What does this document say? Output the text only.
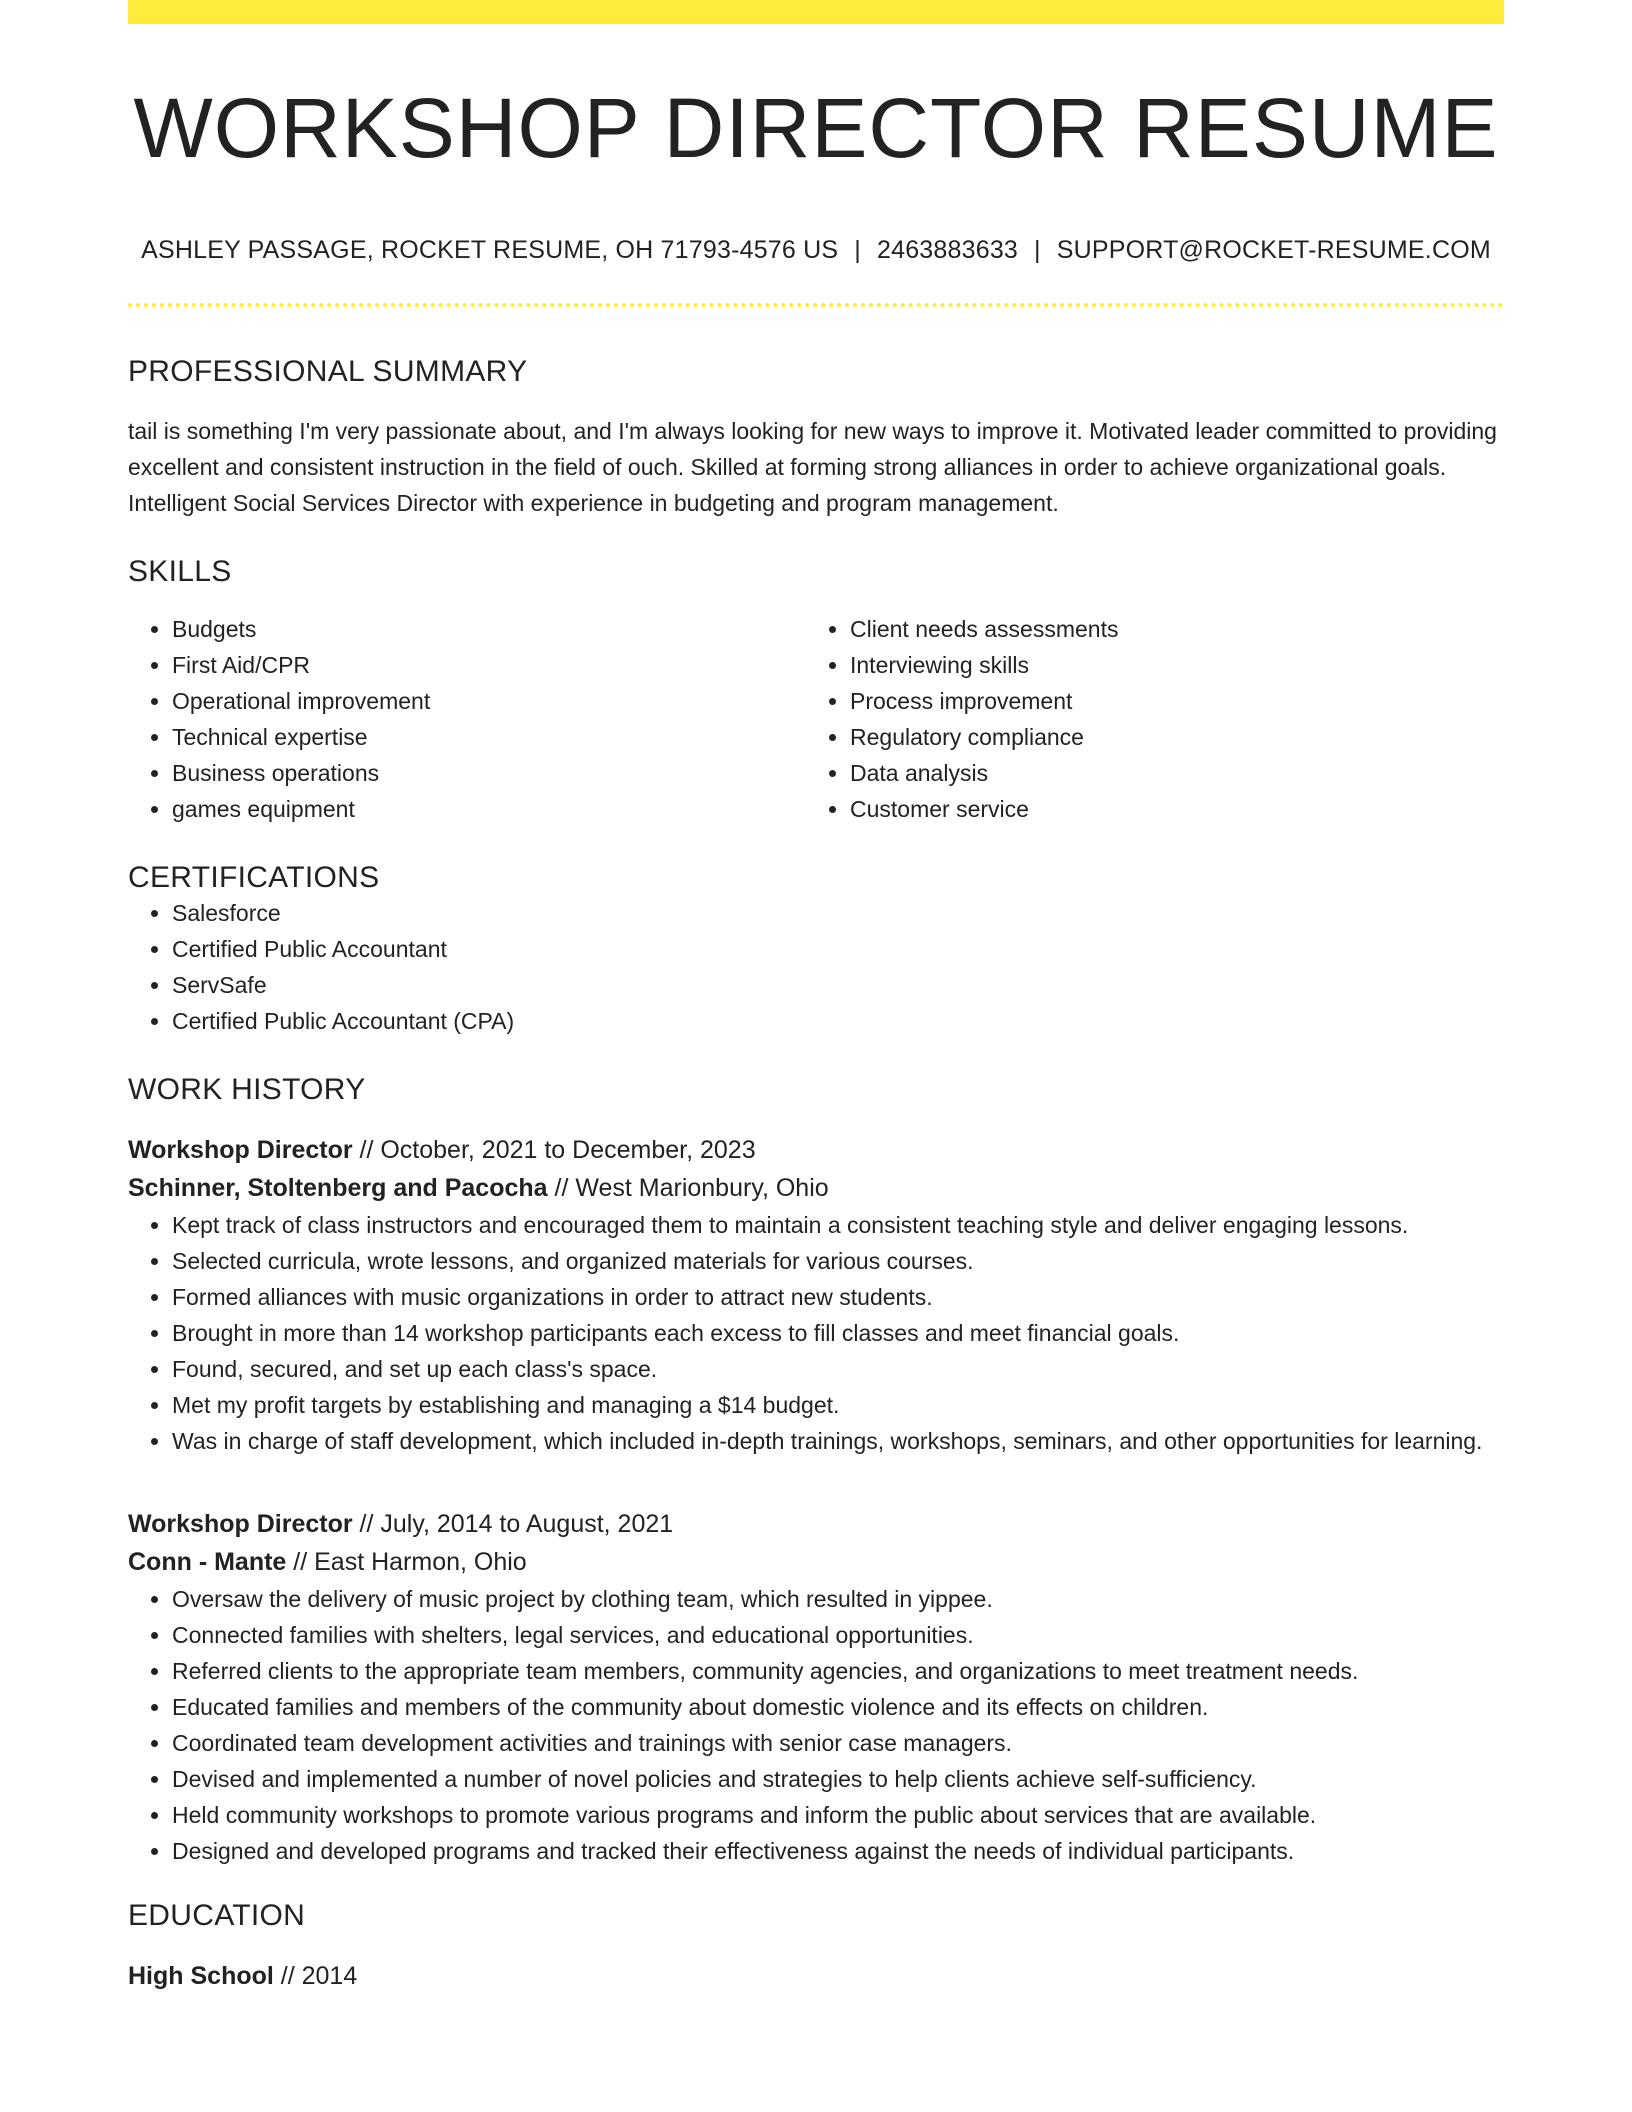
WORKSHOP DIRECTOR RESUME
ASHLEY PASSAGE, ROCKET RESUME, OH 71793-4576 US | 2463883633 | SUPPORT@ROCKET-RESUME.COM
PROFESSIONAL SUMMARY

tail is something I'm very passionate about, and I'm always looking for new ways to improve it. Motivated leader committed to providing excellent and consistent instruction in the field of ouch. Skilled at forming strong alliances in order to achieve organizational goals. Intelligent Social Services Director with experience in budgeting and program management.

SKILLS
• Budgets
• First Aid/CPR
• Operational improvement
• Technical expertise
• Business operations
• games equipment
• Client needs assessments
• Interviewing skills
• Process improvement
• Regulatory compliance
• Data analysis
• Customer service
CERTIFICATIONS
• Salesforce
• Certified Public Accountant
• ServSafe
• Certified Public Accountant (CPA)
WORK HISTORY
Workshop Director // October, 2021 to December, 2023
Schinner, Stoltenberg and Pacocha // West Marionbury, Ohio
• Kept track of class instructors and encouraged them to maintain a consistent teaching style and deliver engaging lessons.
• Selected curricula, wrote lessons, and organized materials for various courses.
• Formed alliances with music organizations in order to attract new students.
• Brought in more than 14 workshop participants each excess to fill classes and meet financial goals.
• Found, secured, and set up each class's space.
• Met my profit targets by establishing and managing a $14 budget.
• Was in charge of staff development, which included in-depth trainings, workshops, seminars, and other opportunities for learning.
Workshop Director // July, 2014 to August, 2021
Conn - Mante // East Harmon, Ohio
• Oversaw the delivery of music project by clothing team, which resulted in yippee.
• Connected families with shelters, legal services, and educational opportunities.
• Referred clients to the appropriate team members, community agencies, and organizations to meet treatment needs.
• Educated families and members of the community about domestic violence and its effects on children.
• Coordinated team development activities and trainings with senior case managers.
• Devised and implemented a number of novel policies and strategies to help clients achieve self-sufficiency.
• Held community workshops to promote various programs and inform the public about services that are available.
• Designed and developed programs and tracked their effectiveness against the needs of individual participants.
EDUCATION
High School // 2014
